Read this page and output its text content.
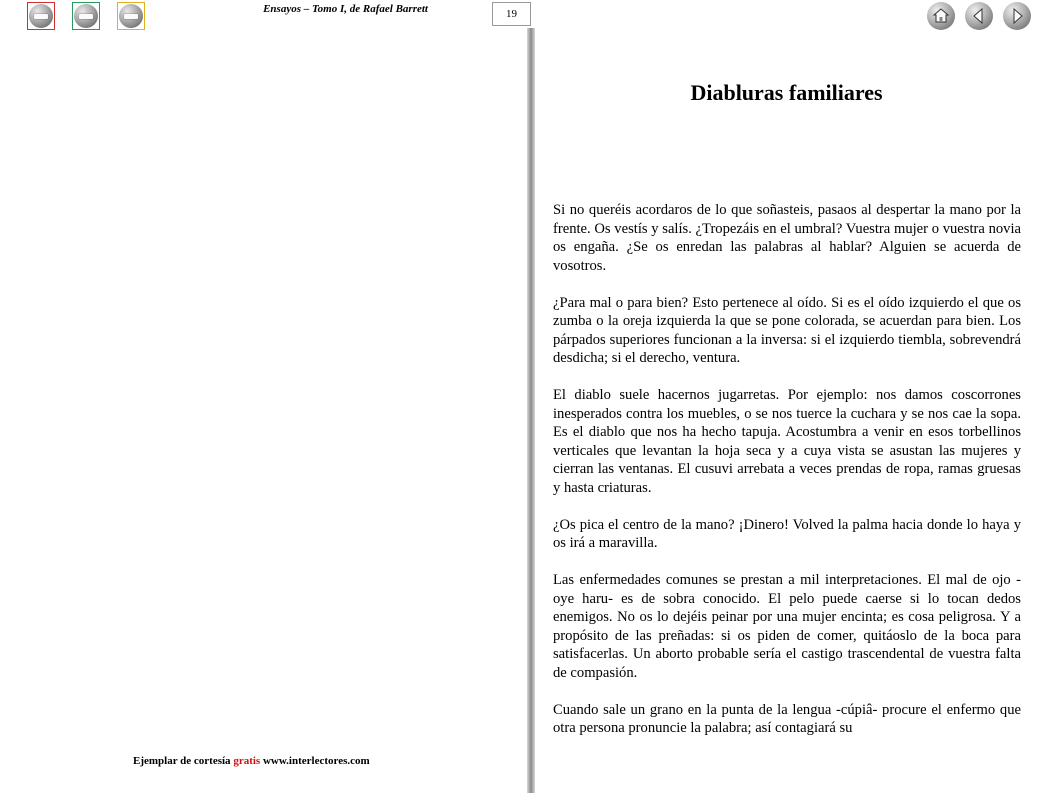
Ensayos – Tomo I, de Rafael Barrett	19
Diabluras familiares

Si no queréis acordaros de lo que soñasteis, pasaos al despertar la mano por la frente. Os vestís y salís. ¿Tropezáis en el umbral? Vuestra mujer o vuestra novia os engaña. ¿Se os enredan las palabras al hablar? Alguien se acuerda de vosotros.

¿Para mal o para bien? Esto pertenece al oído. Si es el oído izquierdo el que os zumba o la oreja izquierda la que se pone colorada, se acuerdan para bien. Los párpados superiores funcionan a la inversa: si el izquierdo tiembla, sobrevendrá desdicha; si el derecho, ventura.

El diablo suele hacernos jugarretas. Por ejemplo: nos damos coscorrones inesperados contra los muebles, o se nos tuerce la cuchara y se nos cae la sopa. Es el diablo que nos ha hecho tapuja. Acostumbra a venir en esos torbellinos verticales que levantan la hoja seca y a cuya vista se asustan las mujeres y cierran las ventanas. El cusuvi arrebata a veces prendas de ropa, ramas gruesas y hasta criaturas.

¿Os pica el centro de la mano? ¡Dinero! Volved la palma hacia donde lo haya y os irá a maravilla.

Las enfermedades comunes se prestan a mil interpretaciones. El mal de ojo -oye haru- es de sobra conocido. El pelo puede caerse si lo tocan dedos enemigos. No os lo dejéis peinar por una mujer encinta; es cosa peligrosa. Y a propósito de las preñadas: si os piden de comer, quitáoslo de la boca para satisfacerlas. Un aborto probable sería el castigo trascendental de vuestra falta de compasión.

Cuando sale un grano en la punta de la lengua -cúpiâ- procure el enfermo que otra persona pronuncie la palabra; así contagiará su

Ejemplar de cortesía gratis www.interlectores.com
